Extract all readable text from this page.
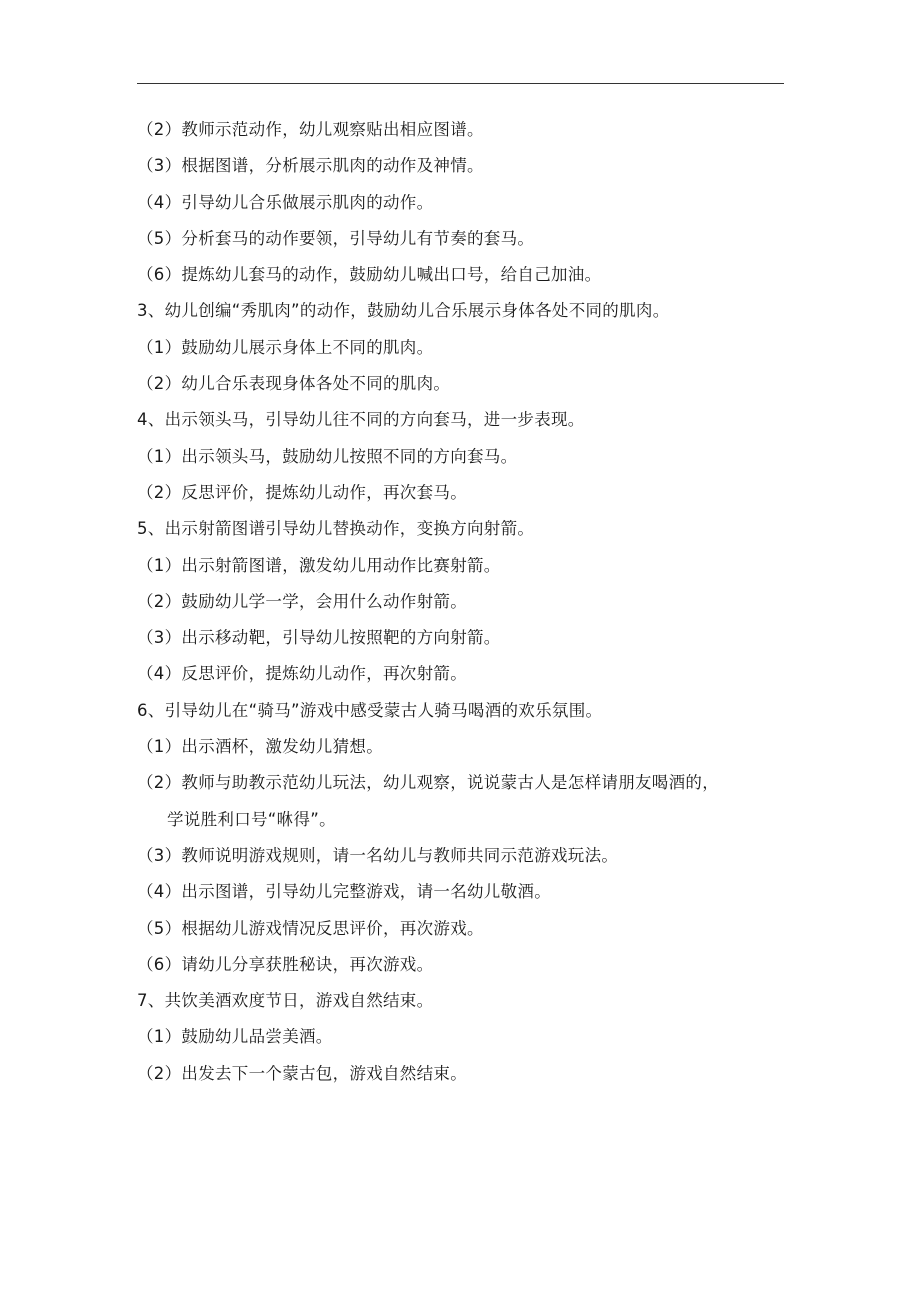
（2）教师示范动作，幼儿观察贴出相应图谱。
（3）根据图谱，分析展示肌肉的动作及神情。
（4）引导幼儿合乐做展示肌肉的动作。
（5）分析套马的动作要领，引导幼儿有节奏的套马。
（6）提炼幼儿套马的动作，鼓励幼儿喊出口号，给自己加油。
3、幼儿创编“秀肌肉”的动作，鼓励幼儿合乐展示身体各处不同的肌肉。
（1）鼓励幼儿展示身体上不同的肌肉。
（2）幼儿合乐表现身体各处不同的肌肉。
4、出示领头马，引导幼儿往不同的方向套马，进一步表现。
（1）出示领头马，鼓励幼儿按照不同的方向套马。
（2）反思评价，提炼幼儿动作，再次套马。
5、出示射箭图谱引导幼儿替换动作，变换方向射箭。
（1）出示射箭图谱，激发幼儿用动作比赛射箭。
（2）鼓励幼儿学一学，会用什么动作射箭。
（3）出示移动靶，引导幼儿按照靶的方向射箭。
（4）反思评价，提炼幼儿动作，再次射箭。
6、引导幼儿在“骑马”游戏中感受蒙古人骑马喝酒的欢乐氛围。
（1）出示酒杯，激发幼儿猜想。
（2）教师与助教示范幼儿玩法，幼儿观察，说说蒙古人是怎样请朋友喝酒的，
学说胜利口号“咻得”。
（3）教师说明游戏规则，请一名幼儿与教师共同示范游戏玩法。
（4）出示图谱，引导幼儿完整游戏，请一名幼儿敬酒。
（5）根据幼儿游戏情况反思评价，再次游戏。
（6）请幼儿分享获胜秘诀，再次游戏。
7、共饮美酒欢度节日，游戏自然结束。
（1）鼓励幼儿品尝美酒。
（2）出发去下一个蒙古包，游戏自然结束。
